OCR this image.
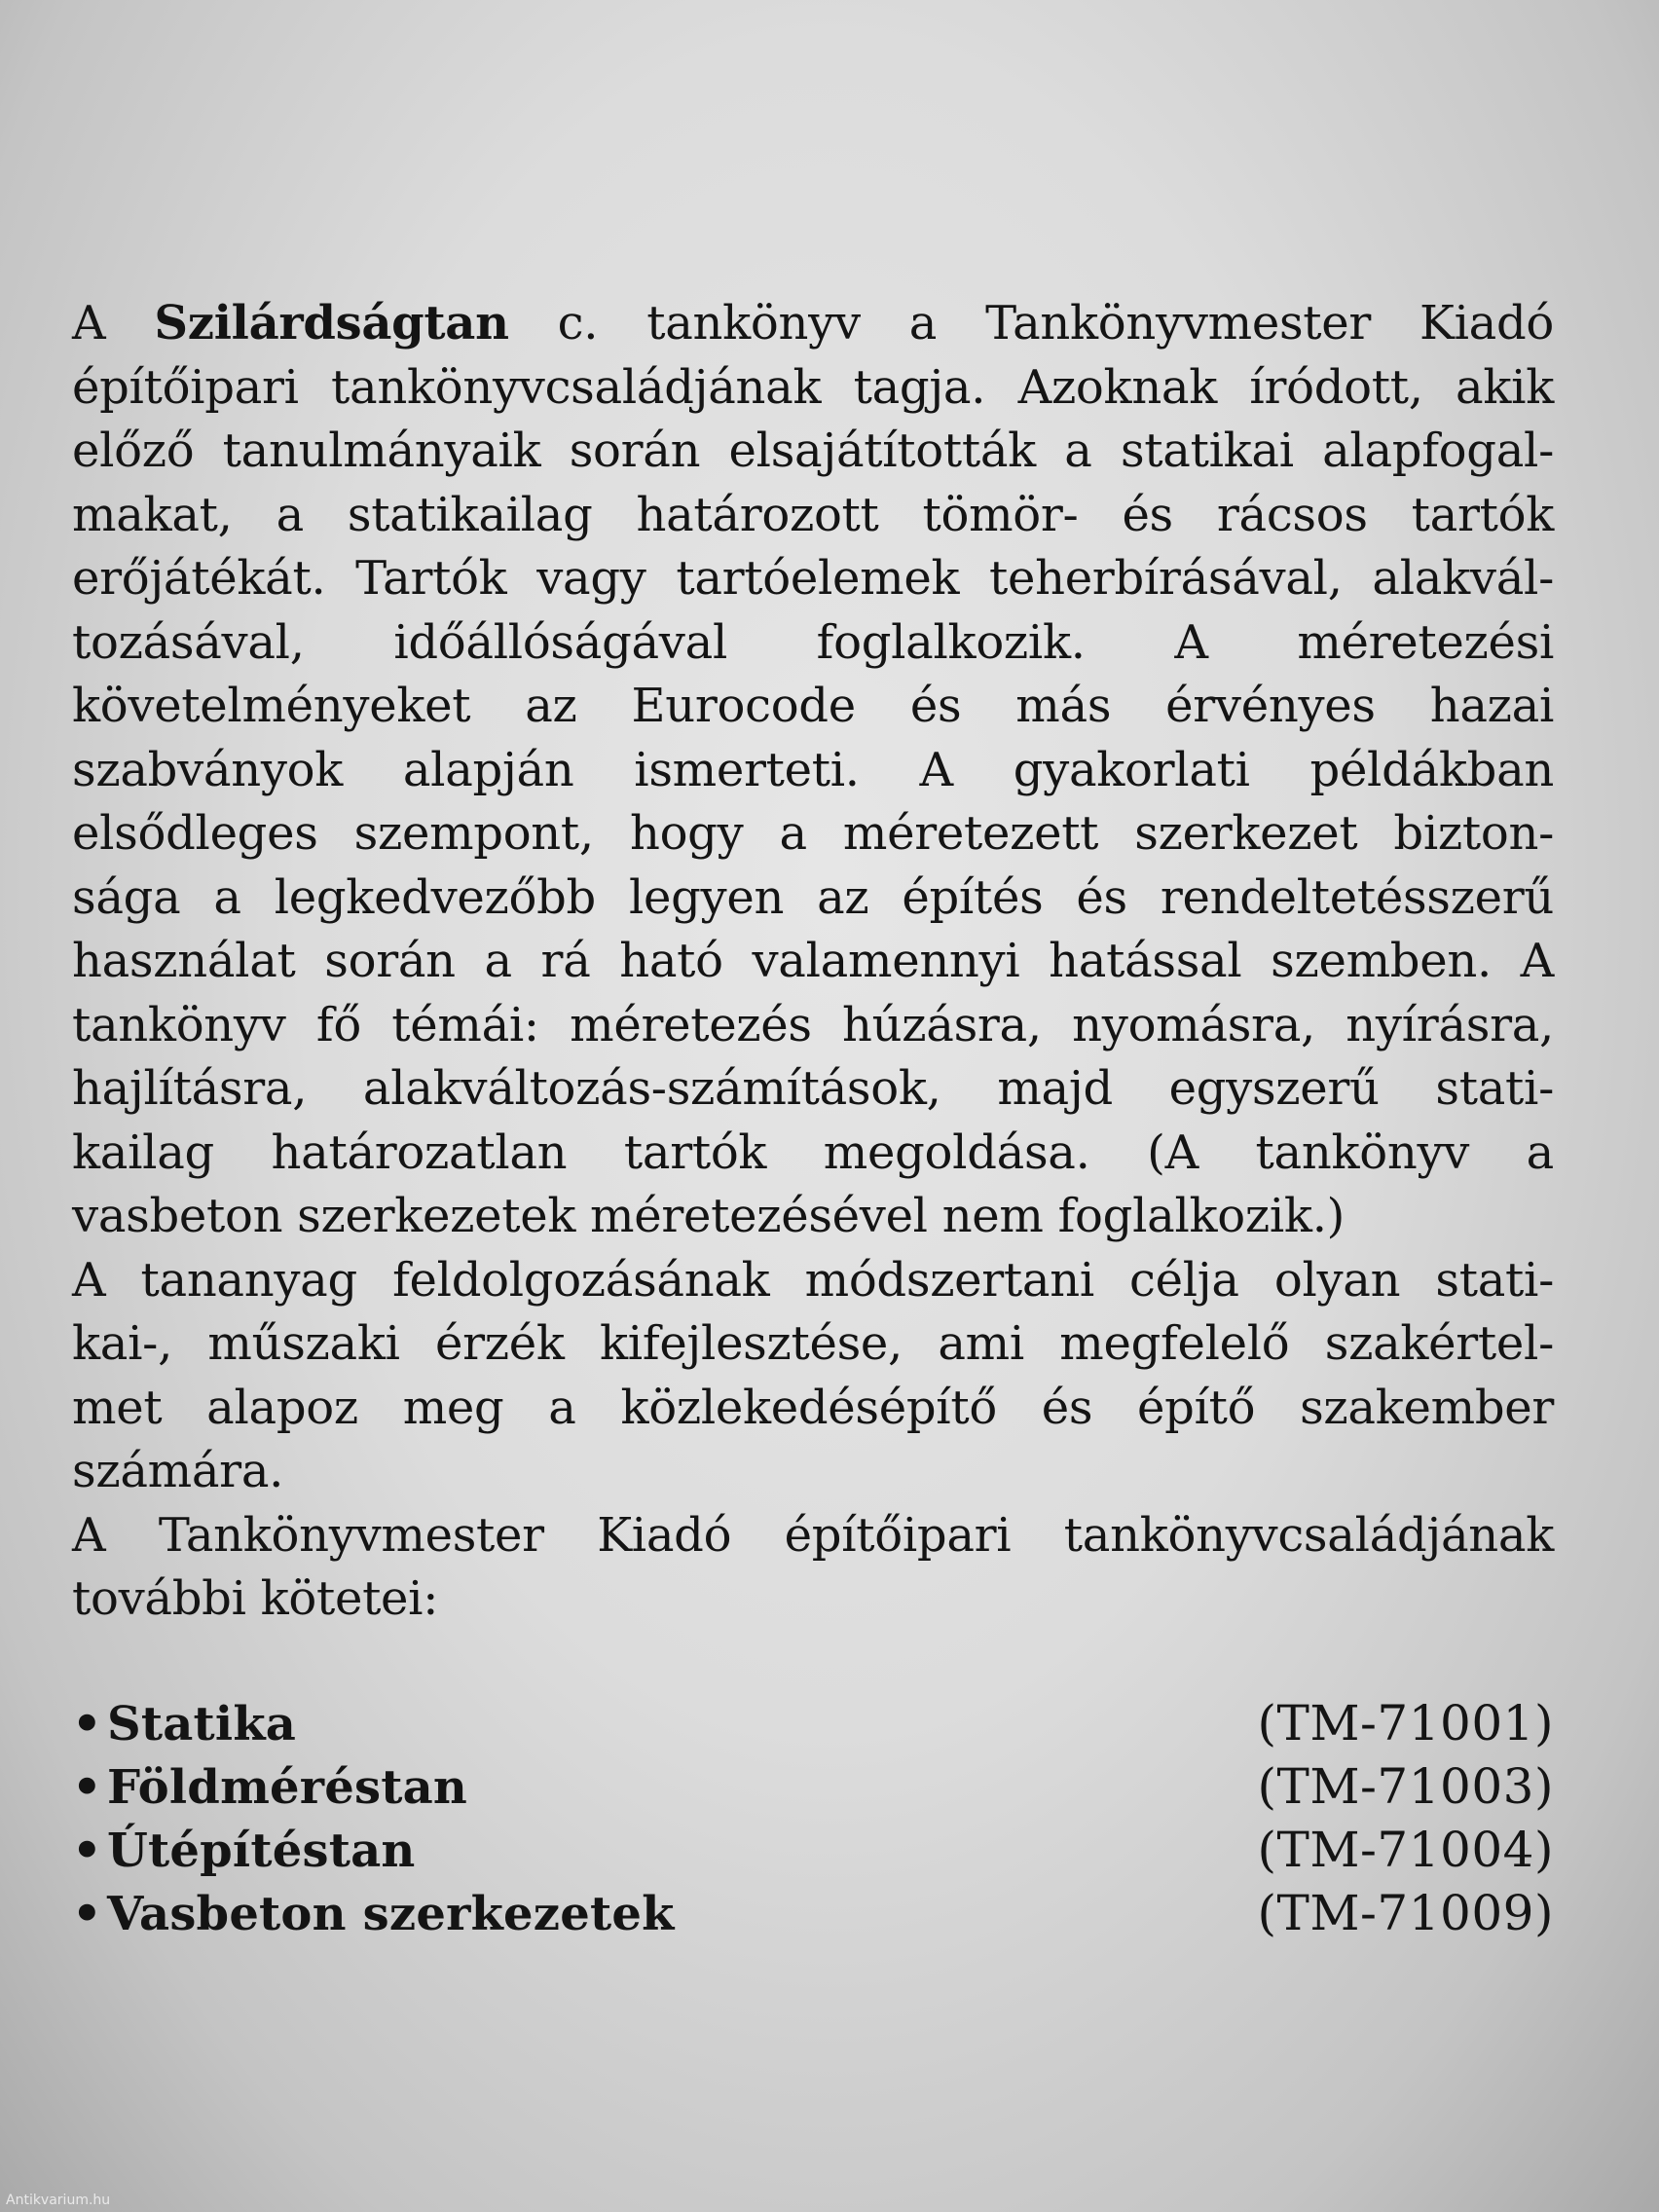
A Szilárdságtan c. tankönyv a Tankönyvmester Kiadó
építőipari tankönyvcsaládjának tagja. Azoknak íródott, akik
előző tanulmányaik során elsajátították a statikai alapfogal-
makat, a statikailag határozott tömör- és rácsos tartók
erőjátékát. Tartók vagy tartóelemek teherbírásával, alakvál-
tozásával, időállóságával foglalkozik. A méretezési
követelményeket az Eurocode és más érvényes hazai
szabványok alapján ismerteti. A gyakorlati példákban
elsődleges szempont, hogy a méretezett szerkezet bizton-
sága a legkedvezőbb legyen az építés és rendeltetésszerű
használat során a rá ható valamennyi hatással szemben. A
tankönyv fő témái: méretezés húzásra, nyomásra, nyírásra,
hajlításra, alakváltozás-számítások, majd egyszerű stati-
kailag határozatlan tartók megoldása. (A tankönyv a
vasbeton szerkezetek méretezésével nem foglalkozik.)

A tananyag feldolgozásának módszertani célja olyan stati-
kai-, műszaki érzék kifejlesztése, ami megfelelő szakértel-
met alapoz meg a közlekedésépítő és építő szakember
számára.

A Tankönyvmester Kiadó építőipari tankönyvcsaládjának
további kötetei:

• Statika	(TM-71001)
• Földméréstan	(TM-71003)
• Útépítéstan	(TM-71004)
• Vasbeton szerkezetek	(TM-71009)
Antikvarium.hu
